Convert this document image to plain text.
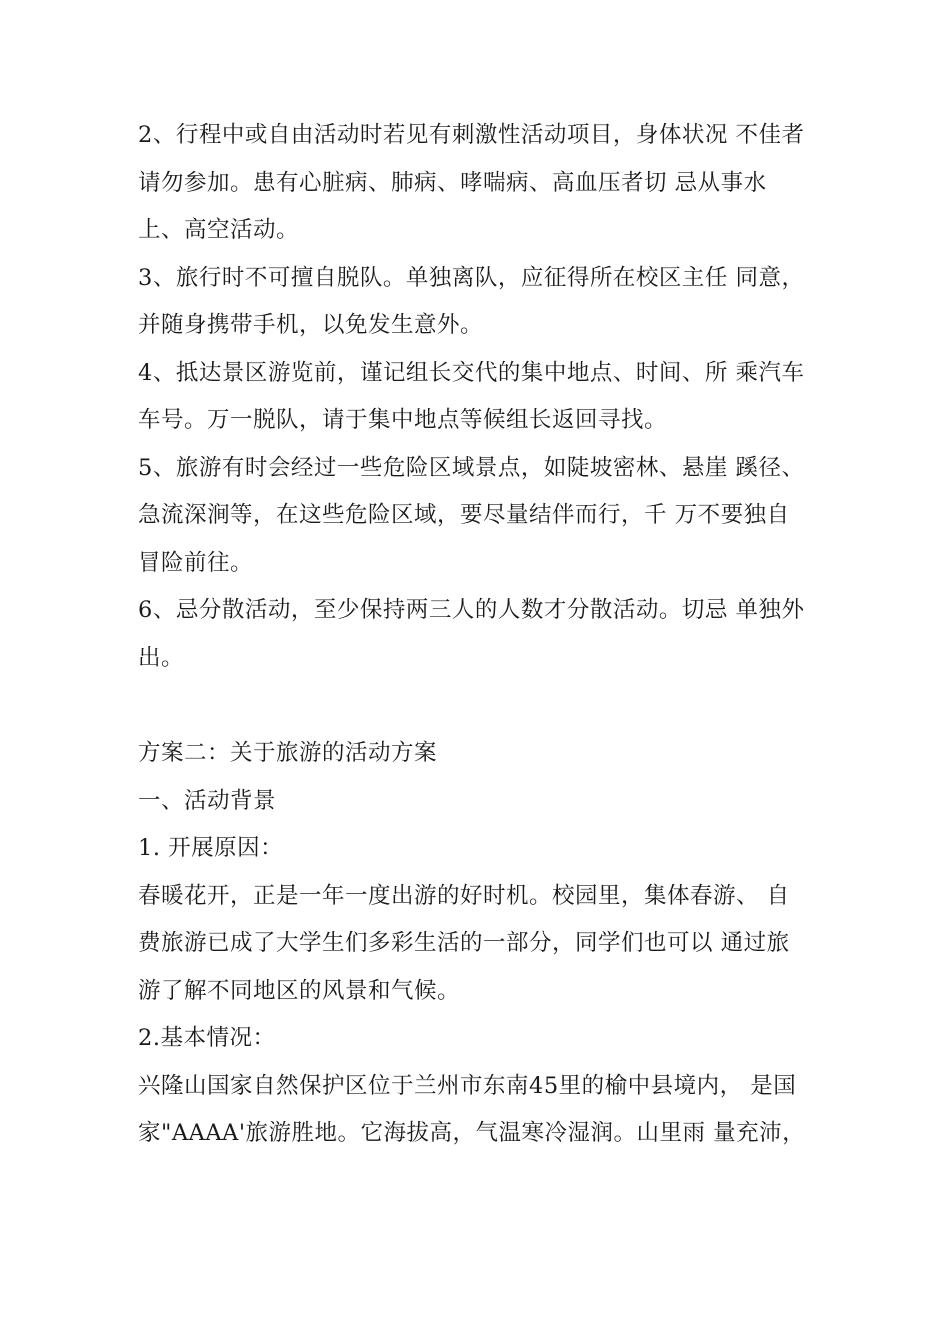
2、行程中或自由活动时若见有刺激性活动项目，身体状况 不佳者
请勿参加。患有心脏病、肺病、哮喘病、高血压者切 忌从事水
上、高空活动。

3、旅行时不可擅自脱队。单独离队，应征得所在校区主任 同意，
并随身携带手机，以免发生意外。

4、抵达景区游览前，谨记组长交代的集中地点、时间、所 乘汽车
车号。万一脱队，请于集中地点等候组长返回寻找。

5、旅游有时会经过一些危险区域景点，如陡坡密林、悬崖 蹊径、
急流深涧等，在这些危险区域，要尽量结伴而行，千 万不要独自
冒险前往。

6、忌分散活动，至少保持两三人的人数才分散活动。切忌 单独外
出。

方案二：关于旅游的活动方案

一、活动背景

1. 开展原因：

春暖花开，正是一年一度出游的好时机。校园里，集体春游、 自
费旅游已成了大学生们多彩生活的一部分，同学们也可以 通过旅
游了解不同地区的风景和气候。

2.基本情况：

兴隆山国家自然保护区位于兰州市东南45里的榆中县境内， 是国
家"AAAA'旅游胜地。它海拔高，气温寒冷湿润。山里雨 量充沛，
